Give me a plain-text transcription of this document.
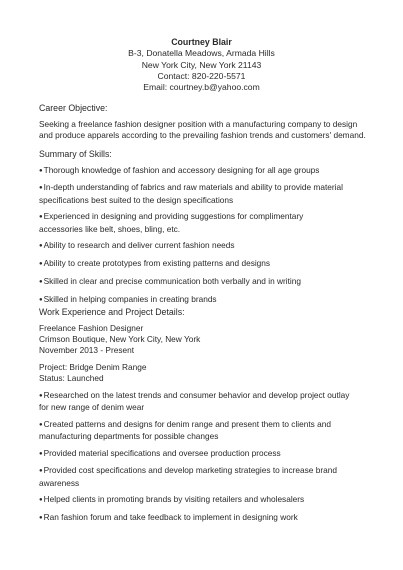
Courtney Blair
B-3, Donatella Meadows, Armada Hills
New York City, New York 21143
Contact: 820-220-5571
Email: courtney.b@yahoo.com
Career Objective:
Seeking a freelance fashion designer position with a manufacturing company to design
and produce apparels according to the prevailing fashion trends and customers' demand.
Summary of Skills:
●Thorough knowledge of fashion and accessory designing for all age groups
●In-depth understanding of fabrics and raw materials and ability to provide material
specifications best suited to the design specifications
●Experienced in designing and providing suggestions for complimentary
accessories like belt, shoes, bling, etc.
●Ability to research and deliver current fashion needs
●Ability to create prototypes from existing patterns and designs
●Skilled in clear and precise communication both verbally and in writing
●Skilled in helping companies in creating brands
Work Experience and Project Details:
Freelance Fashion Designer
Crimson Boutique, New York City, New York
November 2013 - Present
Project: Bridge Denim Range
Status: Launched
●Researched on the latest trends and consumer behavior and develop project outlay
for new range of denim wear
●Created patterns and designs for denim range and present them to clients and
manufacturing departments for possible changes
●Provided material specifications and oversee production process
●Provided cost specifications and develop marketing strategies to increase brand
awareness
●Helped clients in promoting brands by visiting retailers and wholesalers
●Ran fashion forum and take feedback to implement in designing work
